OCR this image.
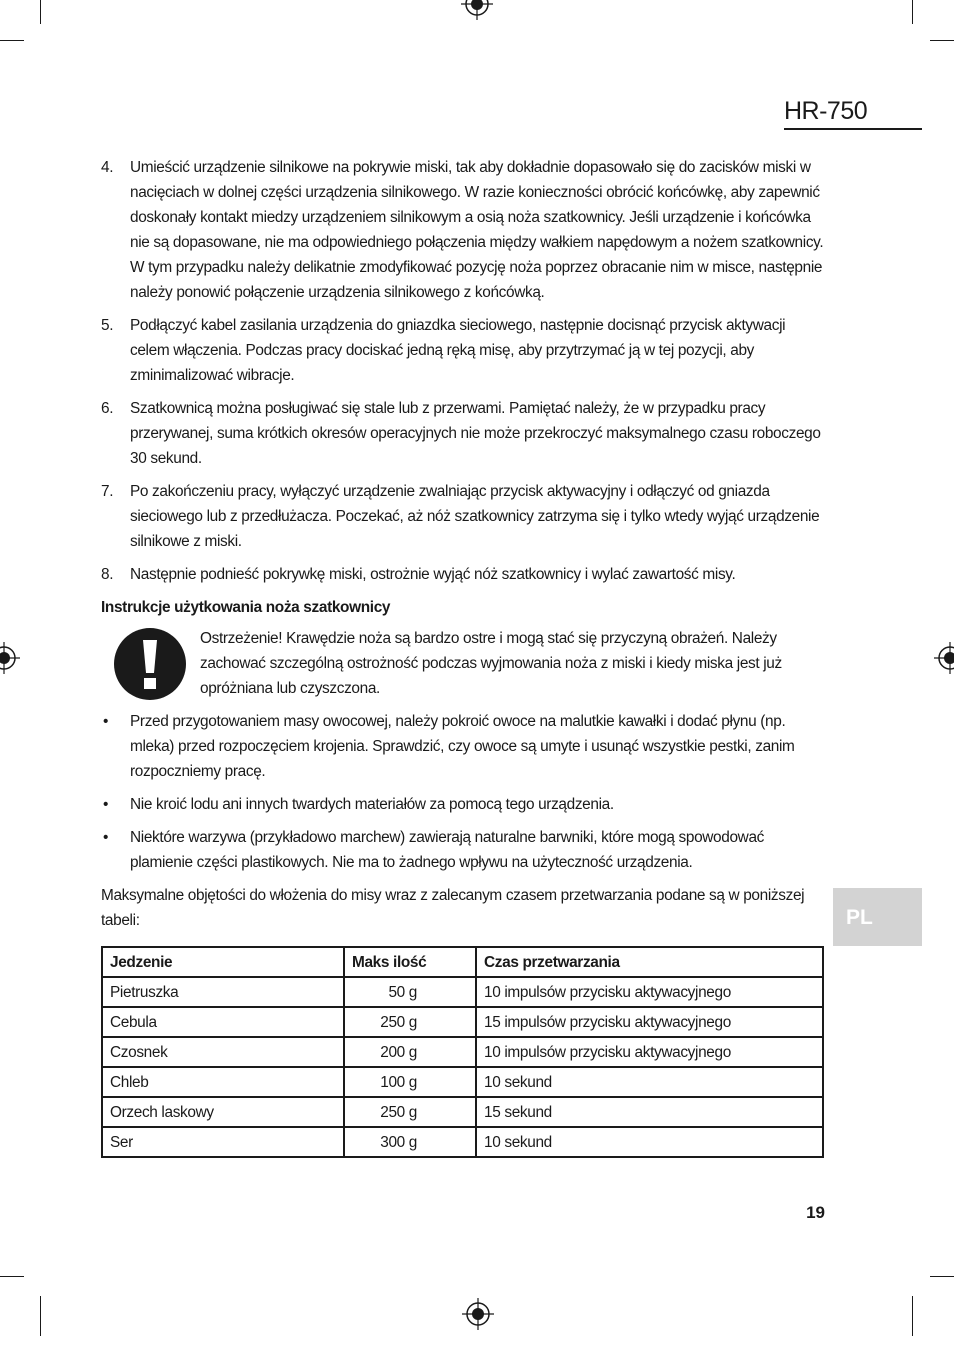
HR-750
4. Umieścić urządzenie silnikowe na pokrywie miski, tak aby dokładnie dopasowało się do zacisków miski w nacięciach w dolnej części urządzenia silnikowego. W razie konieczności obrócić końcówkę, aby zapewnić doskonały kontakt miedzy urządzeniem silnikowym a osią noża szatkownicy. Jeśli urządzenie i końcówka nie są dopasowane, nie ma odpowiedniego połączenia między wałkiem napędowym a nożem szatkownicy. W tym przypadku należy delikatnie zmodyfikować pozycję noża poprzez obracanie nim w misce, następnie należy ponowić połączenie urządzenia silnikowego z końcówką.
5. Podłączyć kabel zasilania urządzenia do gniazdka sieciowego, następnie docisnąć przycisk aktywacji celem włączenia. Podczas pracy dociskać jedną ręką misę, aby przytrzymać ją w tej pozycji, aby zminimalizować wibracje.
6. Szatkownicą można posługiwać się stale lub z przerwami. Pamiętać należy, że w przypadku pracy przerywanej, suma krótkich okresów operacyjnych nie może przekroczyć maksymalnego czasu roboczego 30 sekund.
7. Po zakończeniu pracy, wyłączyć urządzenie zwalniając przycisk aktywacyjny i odłączyć od gniazda sieciowego lub z przedłużacza. Poczekać, aż nóż szatkownicy zatrzyma się i tylko wtedy wyjąć urządzenie silnikowe z miski.
8. Następnie podnieść pokrywkę miski, ostrożnie wyjąć nóż szatkownicy i wylać zawartość misy.
Instrukcje użytkowania noża szatkownicy
Ostrzeżenie! Krawędzie noża są bardzo ostre i mogą stać się przyczyną obrażeń. Należy zachować szczególną ostrożność podczas wyjmowania noża z miski i kiedy miska jest już opróżniana lub czyszczona.
• Przed przygotowaniem masy owocowej, należy pokroić owoce na malutkie kawałki i dodać płynu (np. mleka) przed rozpoczęciem krojenia. Sprawdzić, czy owoce są umyte i usunąć wszystkie pestki, zanim rozpoczniemy pracę.
• Nie kroić lodu ani innych twardych materiałów za pomocą tego urządzenia.
• Niektóre warzywa (przykładowo marchew) zawierają naturalne barwniki, które mogą spowodować plamienie części plastikowych. Nie ma to żadnego wpływu na użyteczność urządzenia.
Maksymalne objętości do włożenia do misy wraz z zalecanym czasem przetwarzania podane są w poniższej tabeli:
Jedzenie	Maks ilość	Czas przetwarzania
Pietruszka	50 g	10 impulsów przycisku aktywacyjnego
Cebula	250 g	15 impulsów przycisku aktywacyjnego
Czosnek	200 g	10 impulsów przycisku aktywacyjnego
Chleb	100 g	10 sekund
Orzech laskowy	250 g	15 sekund
Ser	300 g	10 sekund
PL
19
